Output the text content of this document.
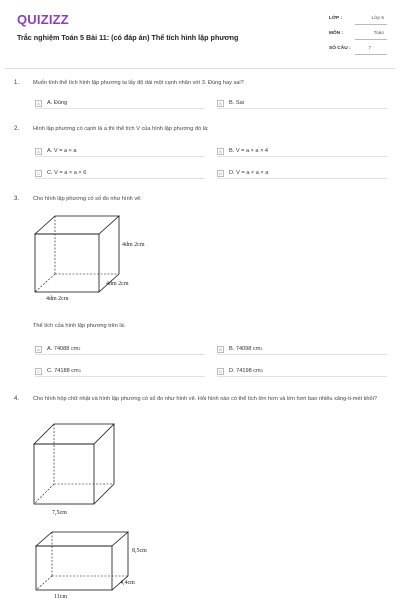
QUIZIZZ
Trắc nghiệm Toán 5 Bài 11: (có đáp án) Thể tích hình lập phương
LỚP :	Lớp 5
MÔN :	Toán
SỐ CÂU :	7
1. Muốn tính thể tích hình lập phương ta lấy độ dài một cạnh nhân với 3. Đúng hay sai?
A	A. Đúng	B	B. Sai
2. Hình lập phương có cạnh là a thì thể tích V của hình lập phương đó là:
A	A. V = a × a	B	B. V = a × a × 4
C	C. V = a × a × 6	D	D. V = a × a × a
3. Cho hình lập phương có số đo như hình vẽ:
4dm 2cm
4dm 2cm
4dm 2cm
Thể tích của hình lập phương trên là:
A	A. 74088 cm 3	B	B. 74098 cm 3
C	C. 74188 cm 3	D	D. 74198 cm 3
4. Cho hình hộp chữ nhật và hình lập phương có số đo như hình vẽ. Hỏi hình nào có thể tích lớn hơn và lớn hơn bao nhiêu xăng-ti-mét khối?
7,5cm
8,5cm
4,4cm
11cm
